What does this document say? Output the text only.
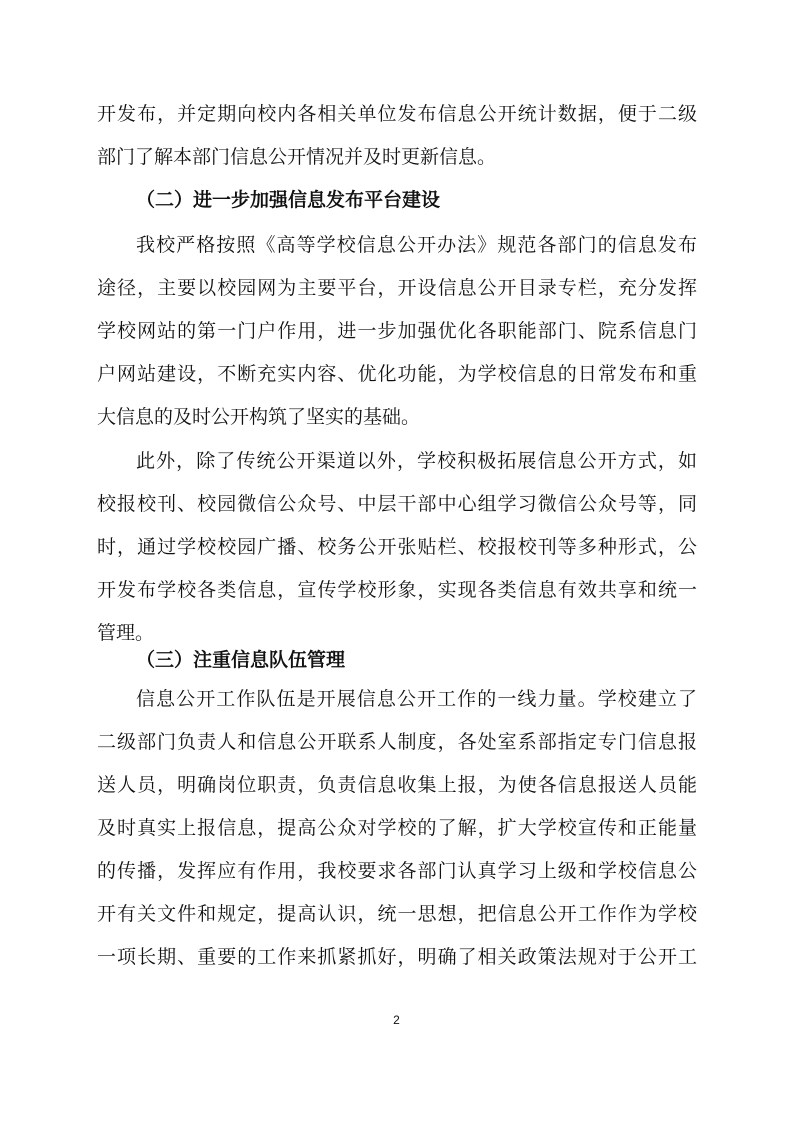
开发布，并定期向校内各相关单位发布信息公开统计数据，便于二级
部门了解本部门信息公开情况并及时更新信息。
（二）进一步加强信息发布平台建设
我校严格按照《高等学校信息公开办法》规范各部门的信息发布
途径，主要以校园网为主要平台，开设信息公开目录专栏，充分发挥
学校网站的第一门户作用，进一步加强优化各职能部门、院系信息门
户网站建设，不断充实内容、优化功能，为学校信息的日常发布和重
大信息的及时公开构筑了坚实的基础。
此外，除了传统公开渠道以外，学校积极拓展信息公开方式，如
校报校刊、校园微信公众号、中层干部中心组学习微信公众号等，同
时，通过学校校园广播、校务公开张贴栏、校报校刊等多种形式，公
开发布学校各类信息，宣传学校形象，实现各类信息有效共享和统一
管理。
（三）注重信息队伍管理
信息公开工作队伍是开展信息公开工作的一线力量。学校建立了
二级部门负责人和信息公开联系人制度，各处室系部指定专门信息报
送人员，明确岗位职责，负责信息收集上报，为使各信息报送人员能
及时真实上报信息，提高公众对学校的了解，扩大学校宣传和正能量
的传播，发挥应有作用，我校要求各部门认真学习上级和学校信息公
开有关文件和规定，提高认识，统一思想，把信息公开工作作为学校
一项长期、重要的工作来抓紧抓好，明确了相关政策法规对于公开工
2
